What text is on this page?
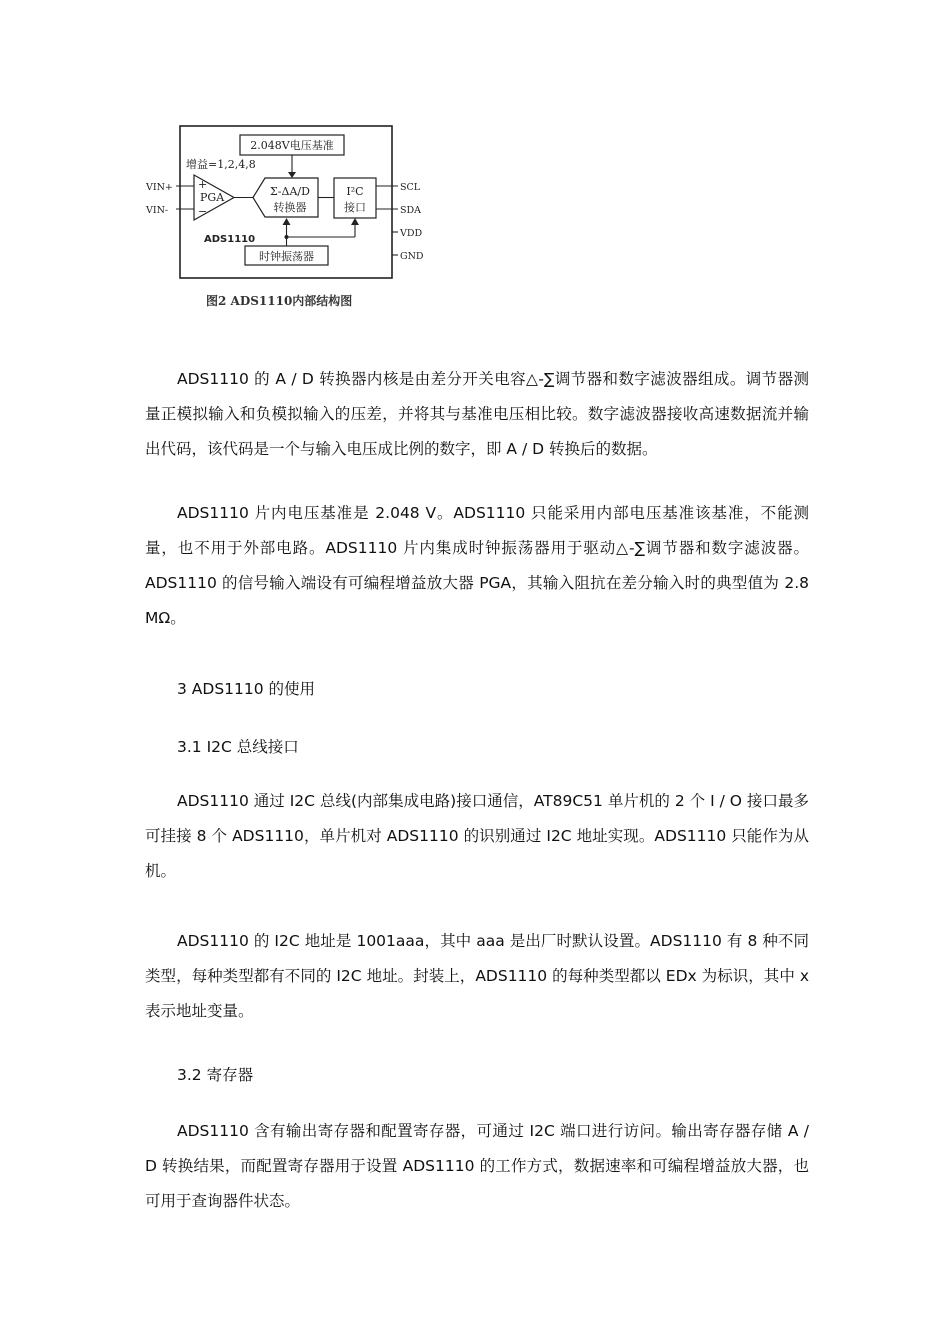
2.048V电压基准
增益=1,2,4,8
+
−
PGA	Σ-ΔA/D
转换器
I²C
接口
时钟振荡器
ADS1110
VIN+
VIN-
SCL
SDA
VDD
GND
图2 ADS1110内部结构图

ADS1110 的 A / D 转换器内核是由差分开关电容△-∑调节器和数字滤波器组成。调节器测量正模拟输入和负模拟输入的压差，并将其与基准电压相比较。数字滤波器接收高速数据流并输出代码，该代码是一个与输入电压成比例的数字，即 A / D 转换后的数据。

ADS1110 片内电压基准是 2.048 V。ADS1110 只能采用内部电压基准该基准，不能测量，也不用于外部电路。ADS1110 片内集成时钟振荡器用于驱动△-∑调节器和数字滤波器。ADS1110 的信号输入端设有可编程增益放大器 PGA，其输入阻抗在差分输入时的典型值为 2.8 MΩ。

3 ADS1110 的使用

3.1 I2C 总线接口

ADS1110 通过 I2C 总线(内部集成电路)接口通信，AT89C51 单片机的 2 个 I / O 接口最多可挂接 8 个 ADS1110，单片机对 ADS1110 的识别通过 I2C 地址实现。ADS1110 只能作为从机。

ADS1110 的 I2C 地址是 1001aaa，其中 aaa 是出厂时默认设置。ADS1110 有 8 种不同类型，每种类型都有不同的 I2C 地址。封装上，ADS1110 的每种类型都以 EDx 为标识，其中 x 表示地址变量。

3.2 寄存器

ADS1110 含有输出寄存器和配置寄存器，可通过 I2C 端口进行访问。输出寄存器存储 A / D 转换结果，而配置寄存器用于设置 ADS1110 的工作方式，数据速率和可编程增益放大器，也可用于查询器件状态。
